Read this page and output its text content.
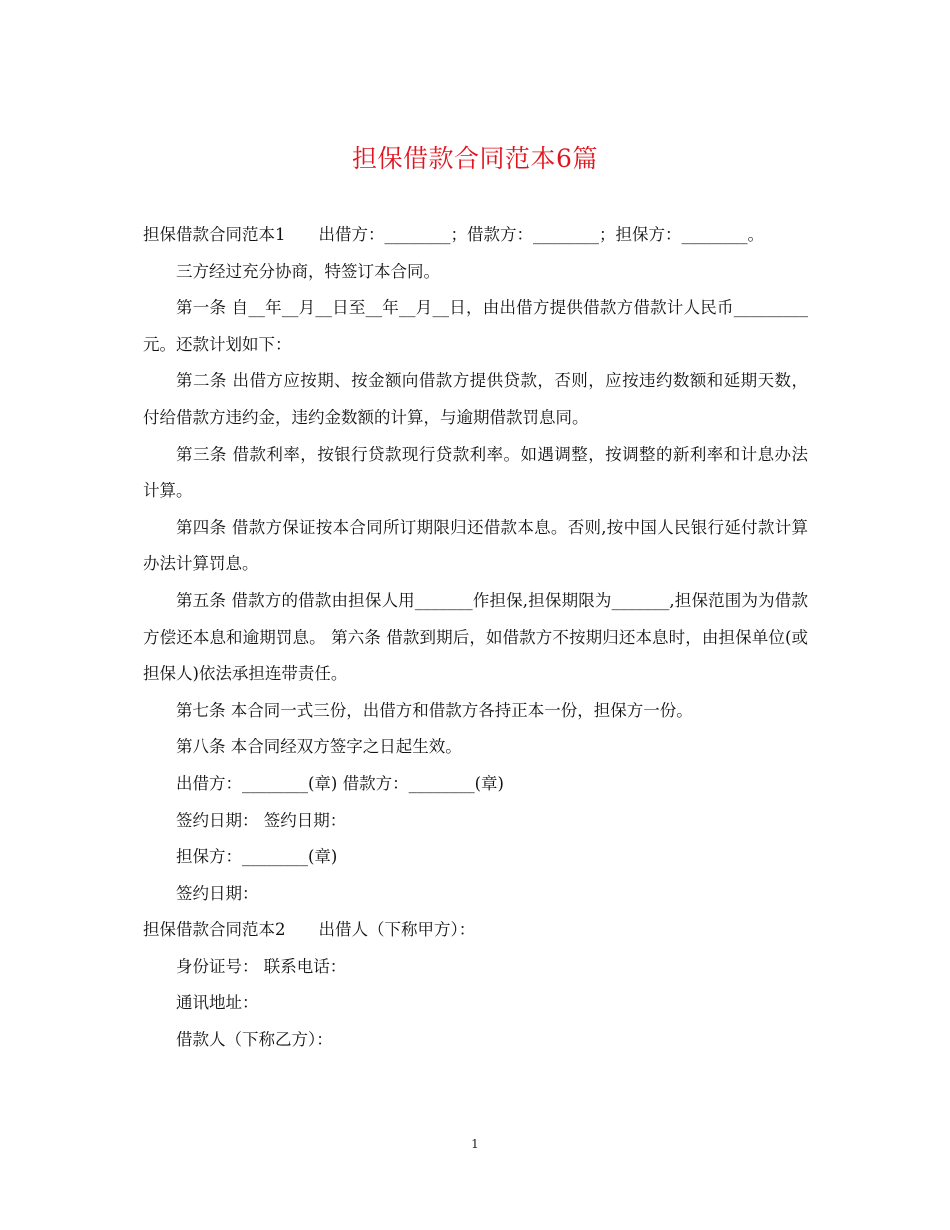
担保借款合同范本6篇

担保借款合同范本1　　出借方：________；借款方：________；担保方：________。

三方经过充分协商，特签订本合同。

第一条 自__年__月__日至__年__月__日，由出借方提供借款方借款计人民币_________元。还款计划如下：

第二条 出借方应按期、按金额向借款方提供贷款，否则，应按违约数额和延期天数，付给借款方违约金，违约金数额的计算，与逾期借款罚息同。

第三条 借款利率，按银行贷款现行贷款利率。如遇调整，按调整的新利率和计息办法计算。

第四条 借款方保证按本合同所订期限归还借款本息。否则,按中国人民银行延付款计算办法计算罚息。

第五条 借款方的借款由担保人用_______作担保,担保期限为_______,担保范围为为借款方偿还本息和逾期罚息。 第六条 借款到期后，如借款方不按期归还本息时，由担保单位(或担保人)依法承担连带责任。

第七条 本合同一式三份，出借方和借款方各持正本一份，担保方一份。

第八条 本合同经双方签字之日起生效。

出借方：________(章) 借款方：________(章)

签约日期： 签约日期：

担保方：________(章)

签约日期：

担保借款合同范本2　　出借人（下称甲方）：

身份证号： 联系电话：

通讯地址：

借款人（下称乙方）：

1
